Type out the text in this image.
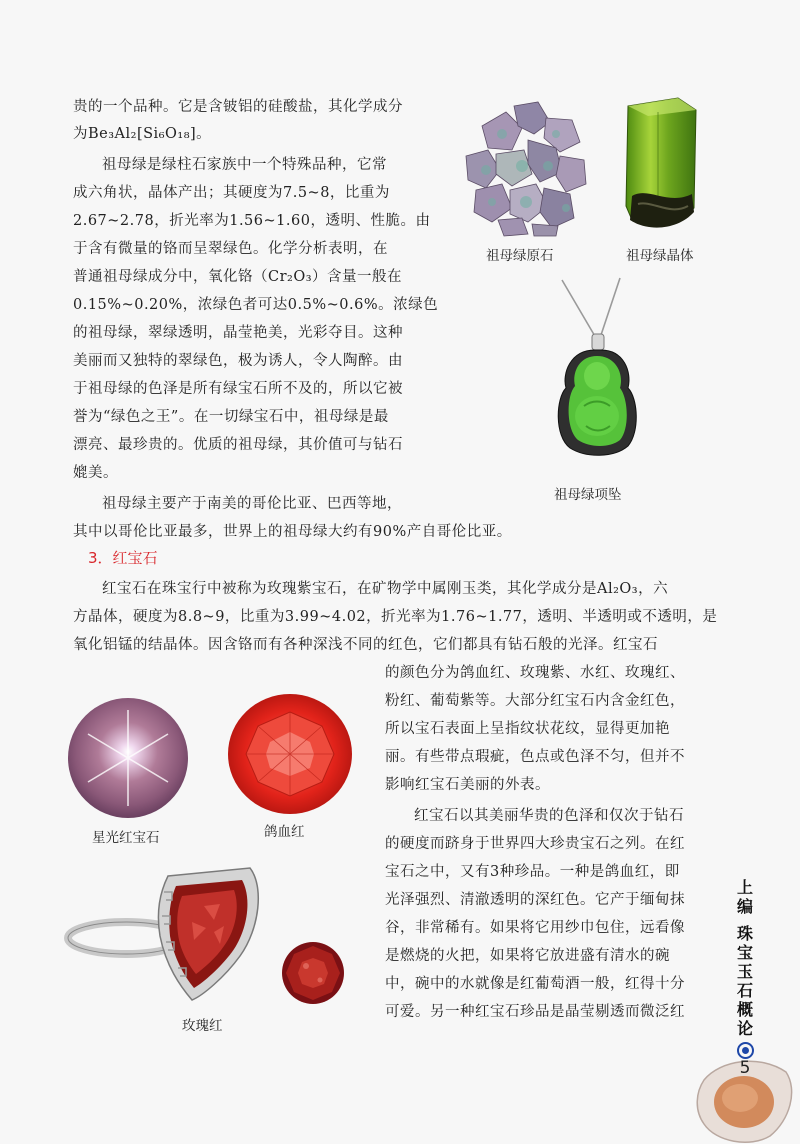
贵的一个品种。它是含铍铝的硅酸盐，其化学成分
为Be₃Al₂[Si₆O₁₈]。
祖母绿是绿柱石家族中一个特殊品种，它常
成六角状，晶体产出；其硬度为7.5~8，比重为
2.67~2.78，折光率为1.56~1.60，透明、性脆。由
于含有微量的铬而呈翠绿色。化学分析表明，在
普通祖母绿成分中，氧化铬（Cr₂O₃）含量一般在
0.15%~0.20%，浓绿色者可达0.5%~0.6%。浓绿色
的祖母绿，翠绿透明，晶莹艳美，光彩夺目。这种
美丽而又独特的翠绿色，极为诱人，令人陶醉。由
于祖母绿的色泽是所有绿宝石所不及的，所以它被
誉为“绿色之王”。在一切绿宝石中，祖母绿是最
漂亮、最珍贵的。优质的祖母绿，其价值可与钻石
媲美。
祖母绿主要产于南美的哥伦比亚、巴西等地，
其中以哥伦比亚最多，世界上的祖母绿大约有90%产自哥伦比亚。
3．红宝石
红宝石在珠宝行中被称为玫瑰紫宝石，在矿物学中属刚玉类，其化学成分是Al₂O₃，六
方晶体，硬度为8.8~9，比重为3.99~4.02，折光率为1.76~1.77，透明、半透明或不透明，是
氧化铝锰的结晶体。因含铬而有各种深浅不同的红色，它们都具有钻石般的光泽。红宝石
的颜色分为鸽血红、玫瑰紫、水红、玫瑰红、
粉红、葡萄紫等。大部分红宝石内含金红色，
所以宝石表面上呈指纹状花纹，显得更加艳
丽。有些带点瑕疵，色点或色泽不匀，但并不
影响红宝石美丽的外表。
红宝石以其美丽华贵的色泽和仅次于钻石
的硬度而跻身于世界四大珍贵宝石之列。在红
宝石之中，又有3种珍品。一种是鸽血红，即
光泽强烈、清澈透明的深红色。它产于缅甸抹
谷，非常稀有。如果将它用纱巾包住，远看像
是燃烧的火把，如果将它放进盛有清水的碗
中，碗中的水就像是红葡萄酒一般，红得十分
可爱。另一种红宝石珍品是晶莹剔透而微泛红
祖母绿原石	祖母绿晶体
祖母绿项坠
星光红宝石	鸽血红
玫瑰红
上编
珠宝玉石概论
5
